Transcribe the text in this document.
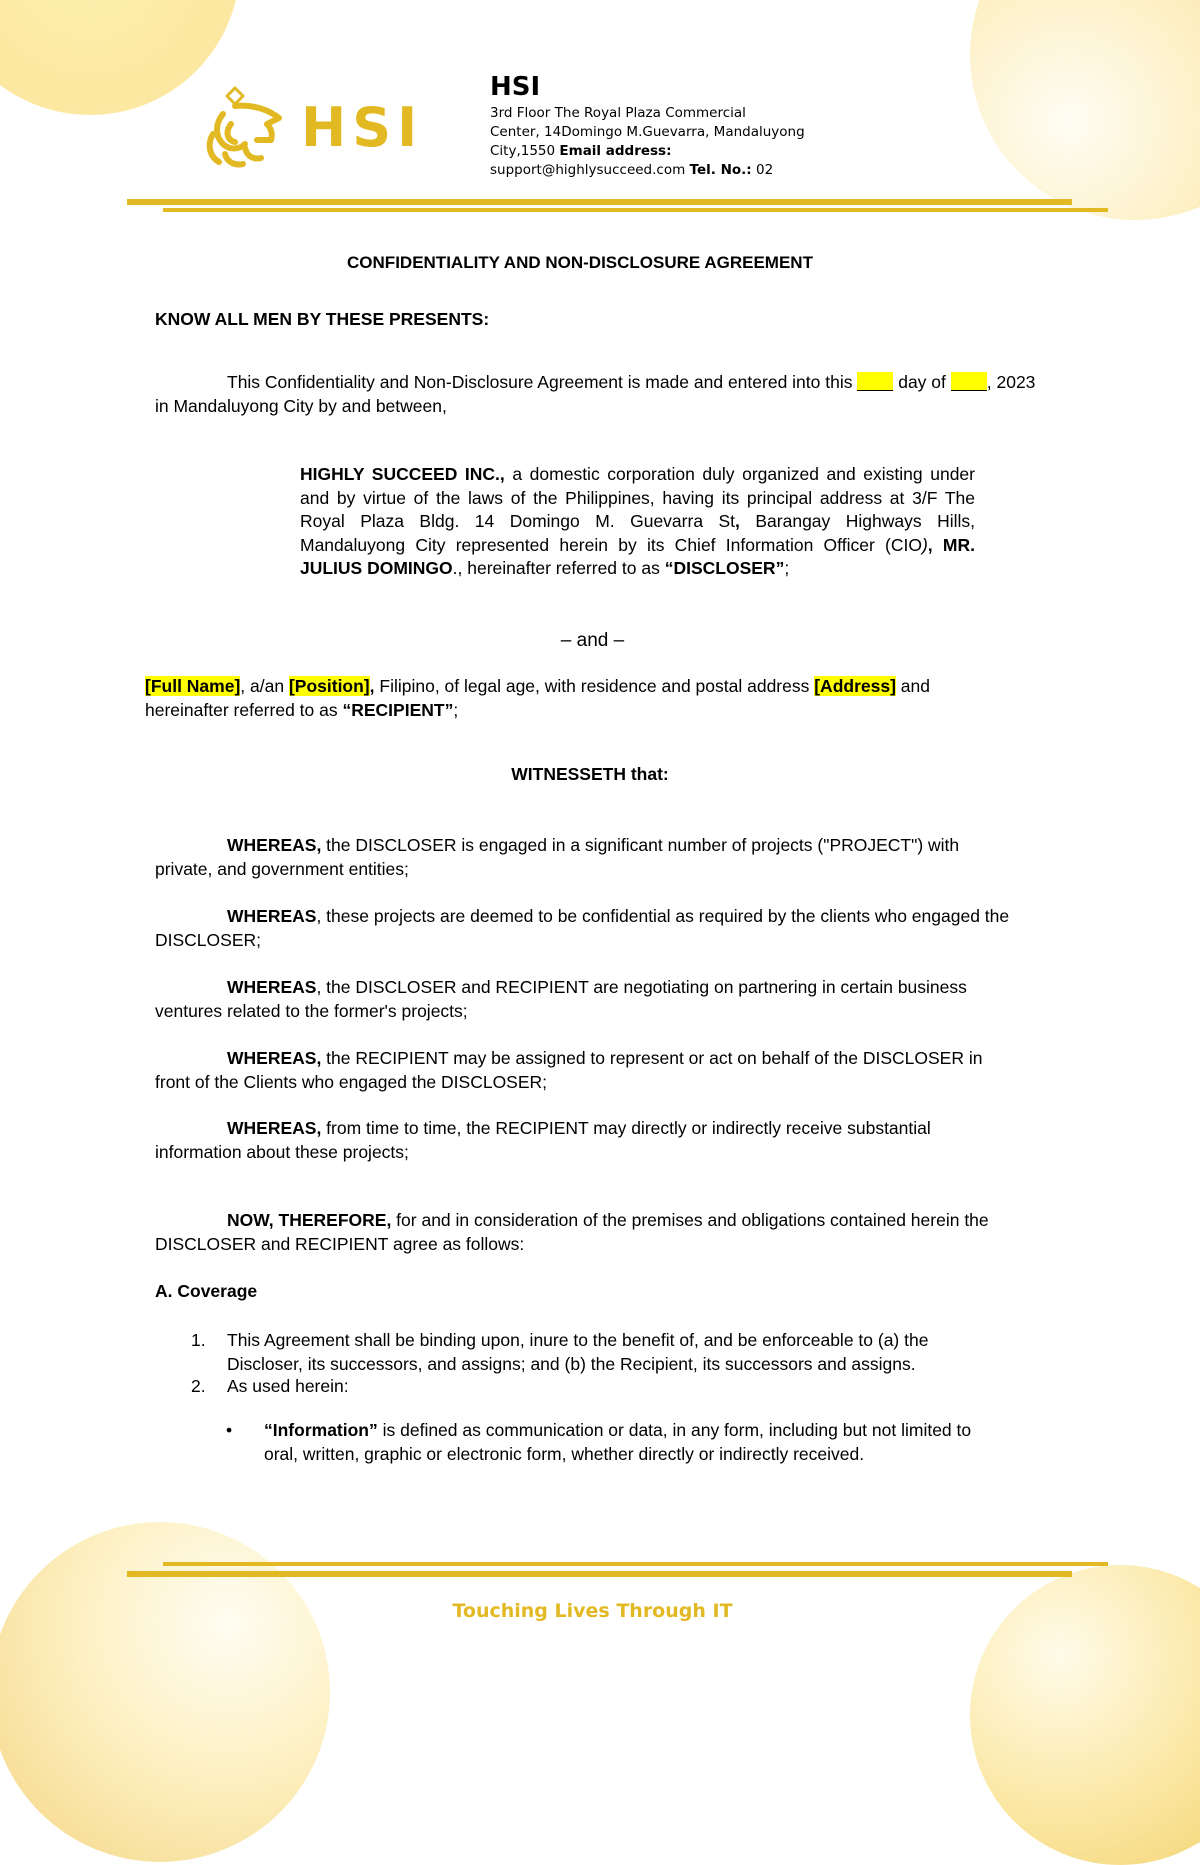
HSI
HSI
3rd Floor The Royal Plaza Commercial
Center, 14Domingo M.Guevarra, Mandaluyong
City,1550 Email address:
support@highlysucceed.com Tel. No.: 02
CONFIDENTIALITY AND NON-DISCLOSURE AGREEMENT
KNOW ALL MEN BY THESE PRESENTS:
This Confidentiality and Non-Disclosure Agreement is made and entered into this  day of , 2023
in Mandaluyong City by and between,
HIGHLY SUCCEED INC., a domestic corporation duly organized and existing under and by virtue of the laws of the Philippines, having its principal address at 3/F The Royal Plaza Bldg. 14 Domingo M. Guevarra St, Barangay Highways Hills, Mandaluyong City represented herein by its Chief Information Officer (CIO), MR. JULIUS DOMINGO., hereinafter referred to as “DISCLOSER”;
– and –
[Full Name], a/an [Position], Filipino, of legal age, with residence and postal address [Address] and
hereinafter referred to as “RECIPIENT”;
WITNESSETH that:
WHEREAS, the DISCLOSER is engaged in a significant number of projects ("PROJECT") with
private, and government entities;
WHEREAS, these projects are deemed to be confidential as required by the clients who engaged the
DISCLOSER;
WHEREAS, the DISCLOSER and RECIPIENT are negotiating on partnering in certain business
ventures related to the former's projects;
WHEREAS, the RECIPIENT may be assigned to represent or act on behalf of the DISCLOSER in
front of the Clients who engaged the DISCLOSER;
WHEREAS, from time to time, the RECIPIENT may directly or indirectly receive substantial
information about these projects;
NOW, THEREFORE, for and in consideration of the premises and obligations contained herein the
DISCLOSER and RECIPIENT agree as follows:
A. Coverage
1. This Agreement shall be binding upon, inure to the benefit of, and be enforceable to (a) the
Discloser, its successors, and assigns; and (b) the Recipient, its successors and assigns.
2. As used herein:
• “Information” is defined as communication or data, in any form, including but not limited to
oral, written, graphic or electronic form, whether directly or indirectly received.
Touching Lives Through IT
